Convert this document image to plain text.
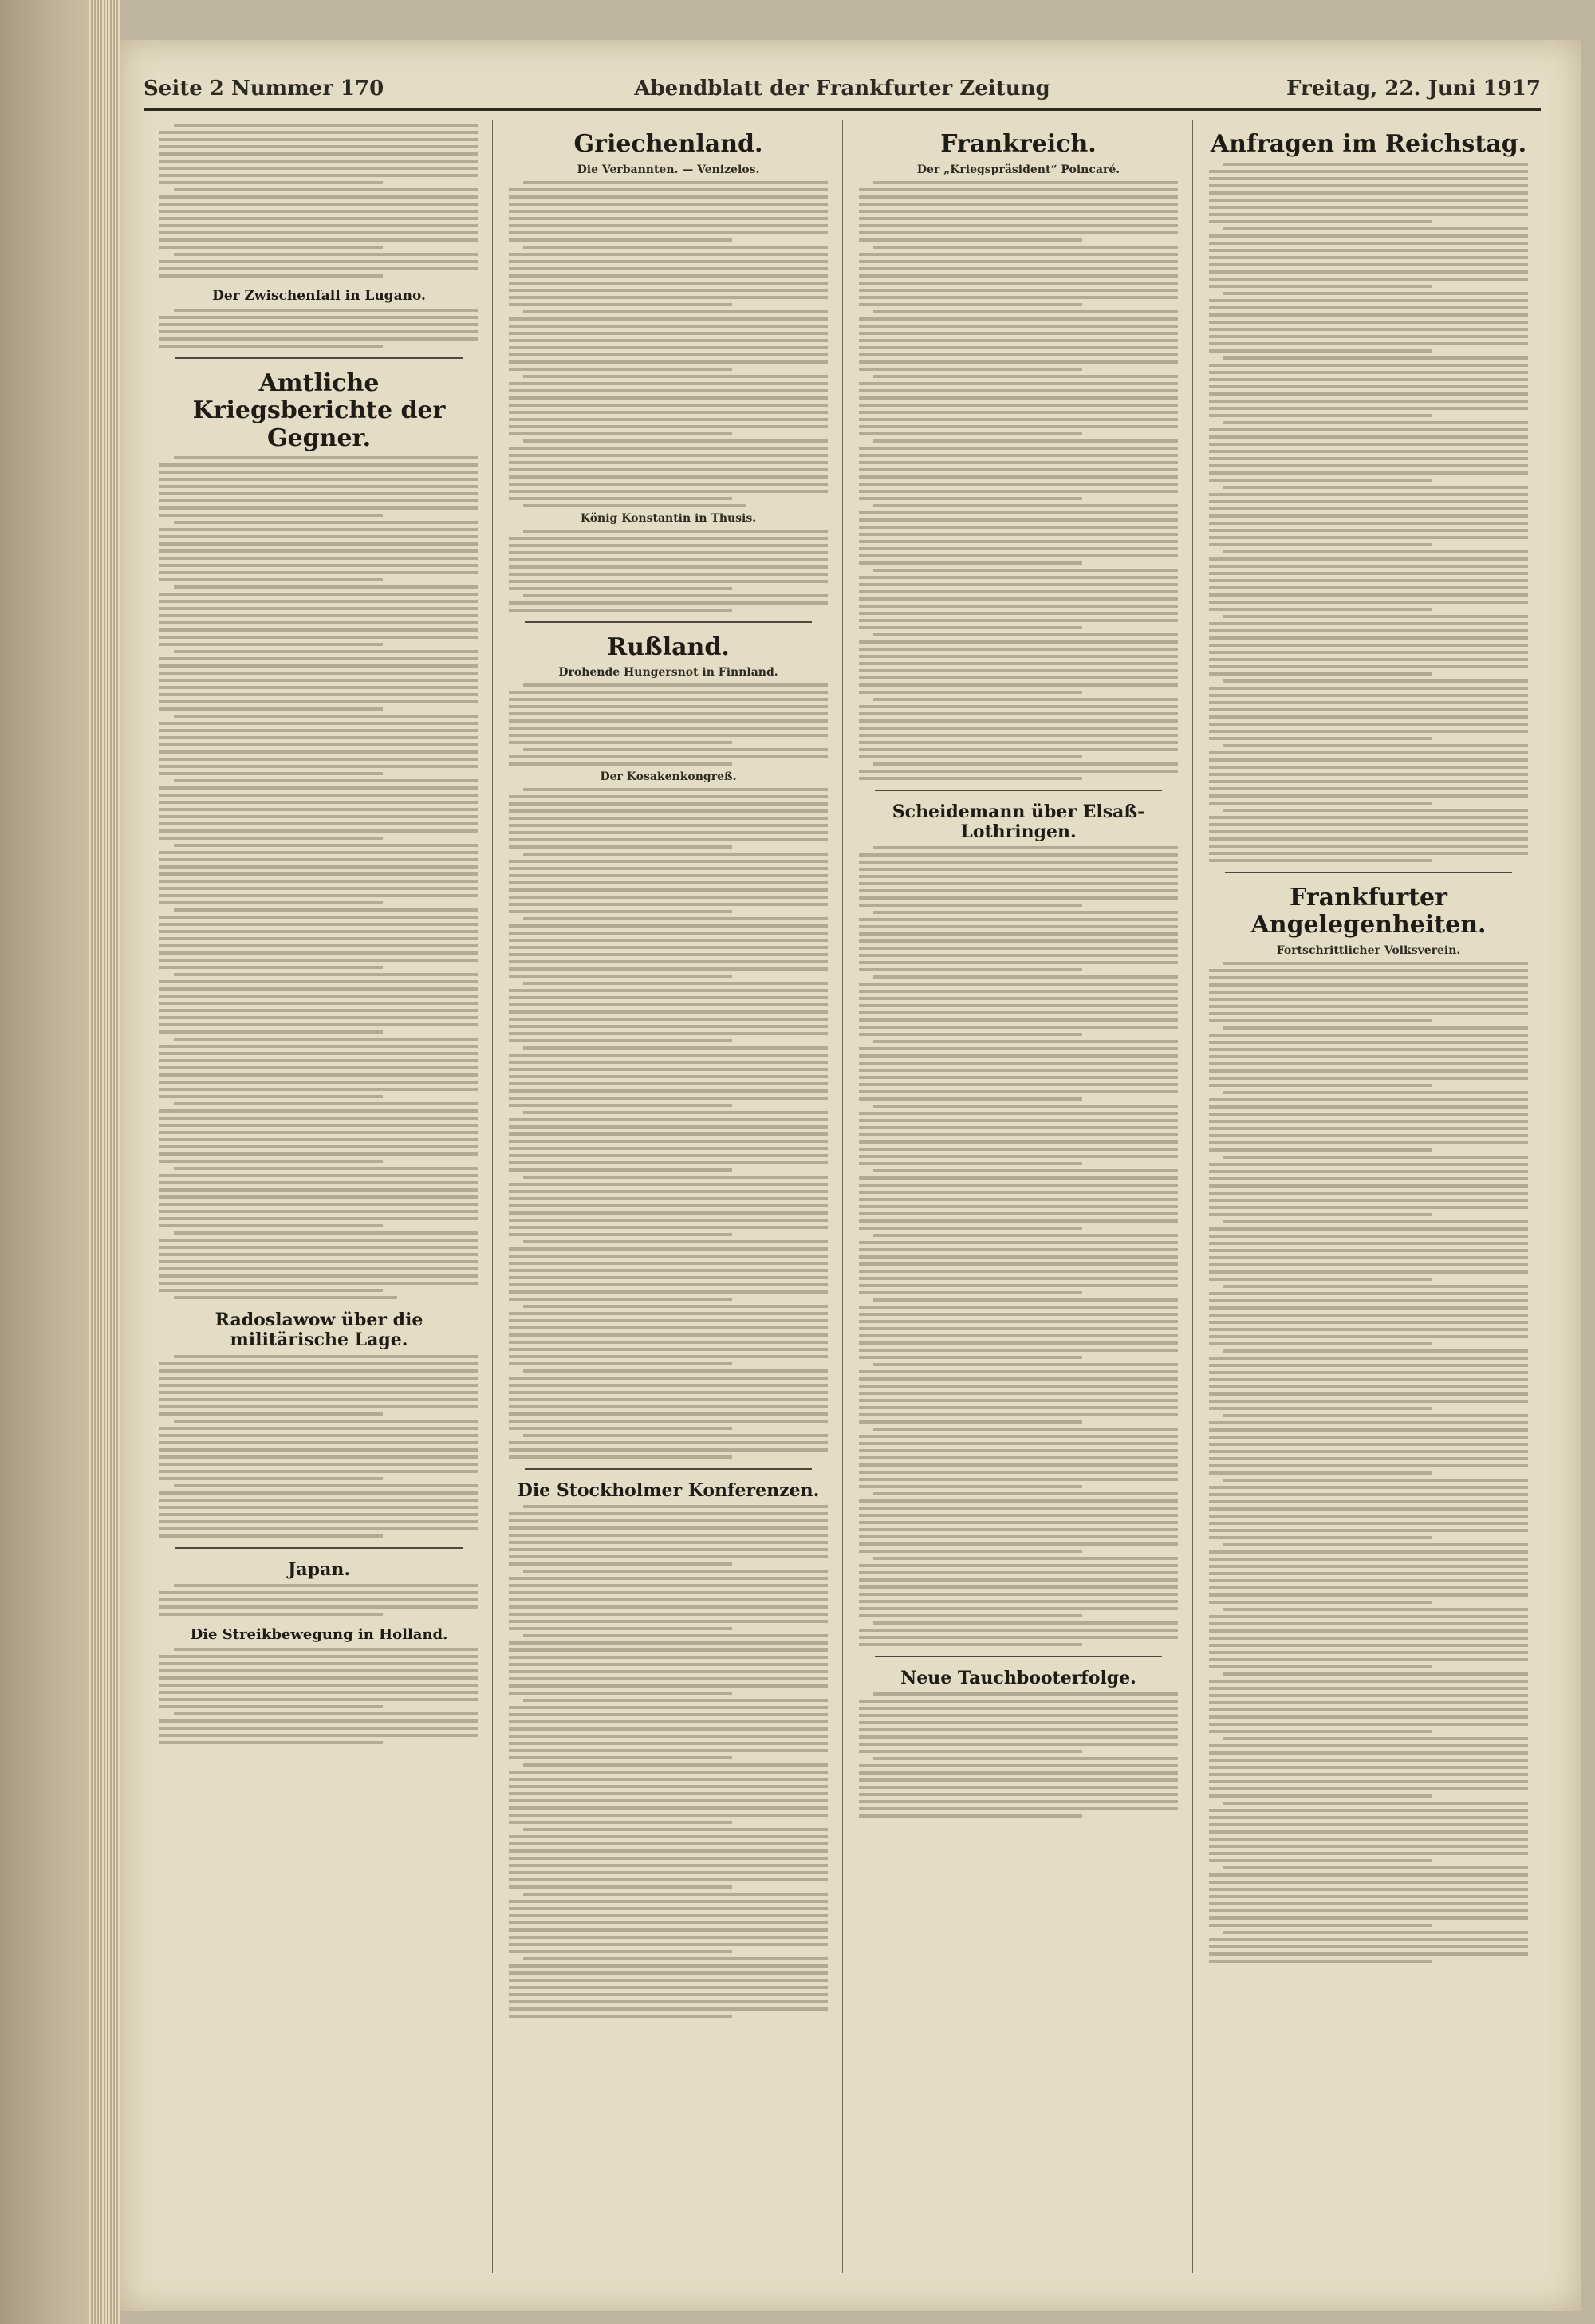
Seite 2 Nummer 170	Abendblatt der Frankfurter Zeitung	Freitag, 22. Juni 1917
Der Zwischenfall in Lugano.
Amtliche Kriegsberichte der Gegner.
Radoslawow über die militärische Lage.
Japan.
Die Streikbewegung in Holland.
Griechenland.
Die Verbannten. — Venizelos.
König Konstantin in Thusis.
Rußland.
Drohende Hungersnot in Finnland.
Der Kosakenkongreß.
Die Stockholmer Konferenzen.
Frankreich.
Der „Kriegspräsident“ Poincaré.
Scheidemann über Elsaß-Lothringen.
Neue Tauchbooterfolge.
Anfragen im Reichstag.
Frankfurter Angelegenheiten.
Fortschrittlicher Volksverein.
